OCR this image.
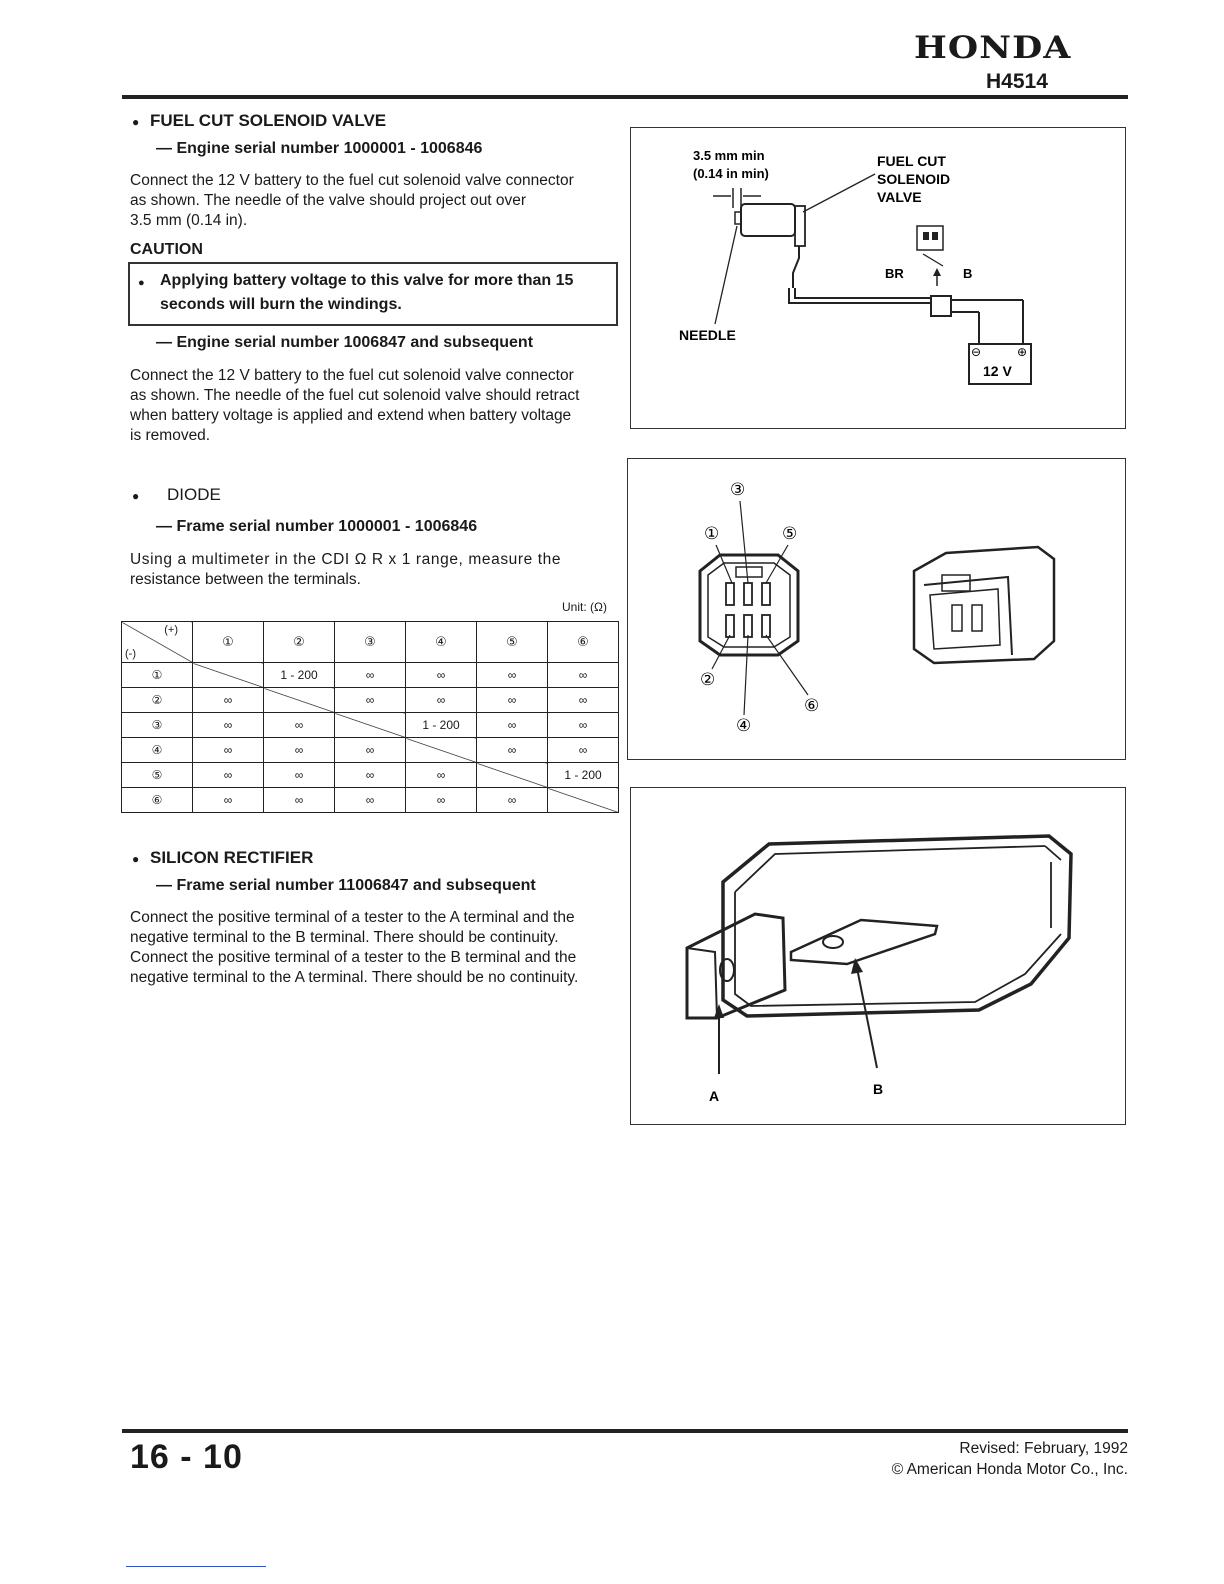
HONDA
H4514
● FUEL CUT SOLENOID VALVE
— Engine serial number 1000001 - 1006846
Connect the 12 V battery to the fuel cut solenoid valve connector
as shown. The needle of the valve should project out over
3.5 mm (0.14 in).
CAUTION
● Applying battery voltage to this valve for more than 15
seconds will burn the windings.
— Engine serial number 1006847 and subsequent
Connect the 12 V battery to the fuel cut solenoid valve connector
as shown. The needle of the fuel cut solenoid valve should retract
when battery voltage is applied and extend when battery voltage
is removed.
3.5 mm min
(0.14 in min)
FUEL CUT
SOLENOID
VALVE
NEEDLE
BR	B
⊖	⊕
12 V
● DIODE
— Frame serial number 1000001 - 1006846
Using a multimeter in the CDI Ω R x 1 range, measure the
resistance between the terminals.
Unit: (Ω)
(+)
(-)	①	②	③	④	⑤	⑥
①		1 - 200	∞	∞	∞	∞
②	∞		∞	∞	∞	∞
③	∞	∞		1 - 200	∞	∞
④	∞	∞	∞		∞	∞
⑤	∞	∞	∞	∞		1 - 200
⑥	∞	∞	∞	∞	∞	
③
①	⑤
②
⑥
④
● SILICON RECTIFIER
— Frame serial number 11006847 and subsequent
Connect the positive terminal of a tester to the A terminal and the
negative terminal to the B terminal. There should be continuity.
Connect the positive terminal of a tester to the B terminal and the
negative terminal to the A terminal. There should be no continuity.
A	B
16 - 10	Revised: February, 1992
© American Honda Motor Co., Inc.
